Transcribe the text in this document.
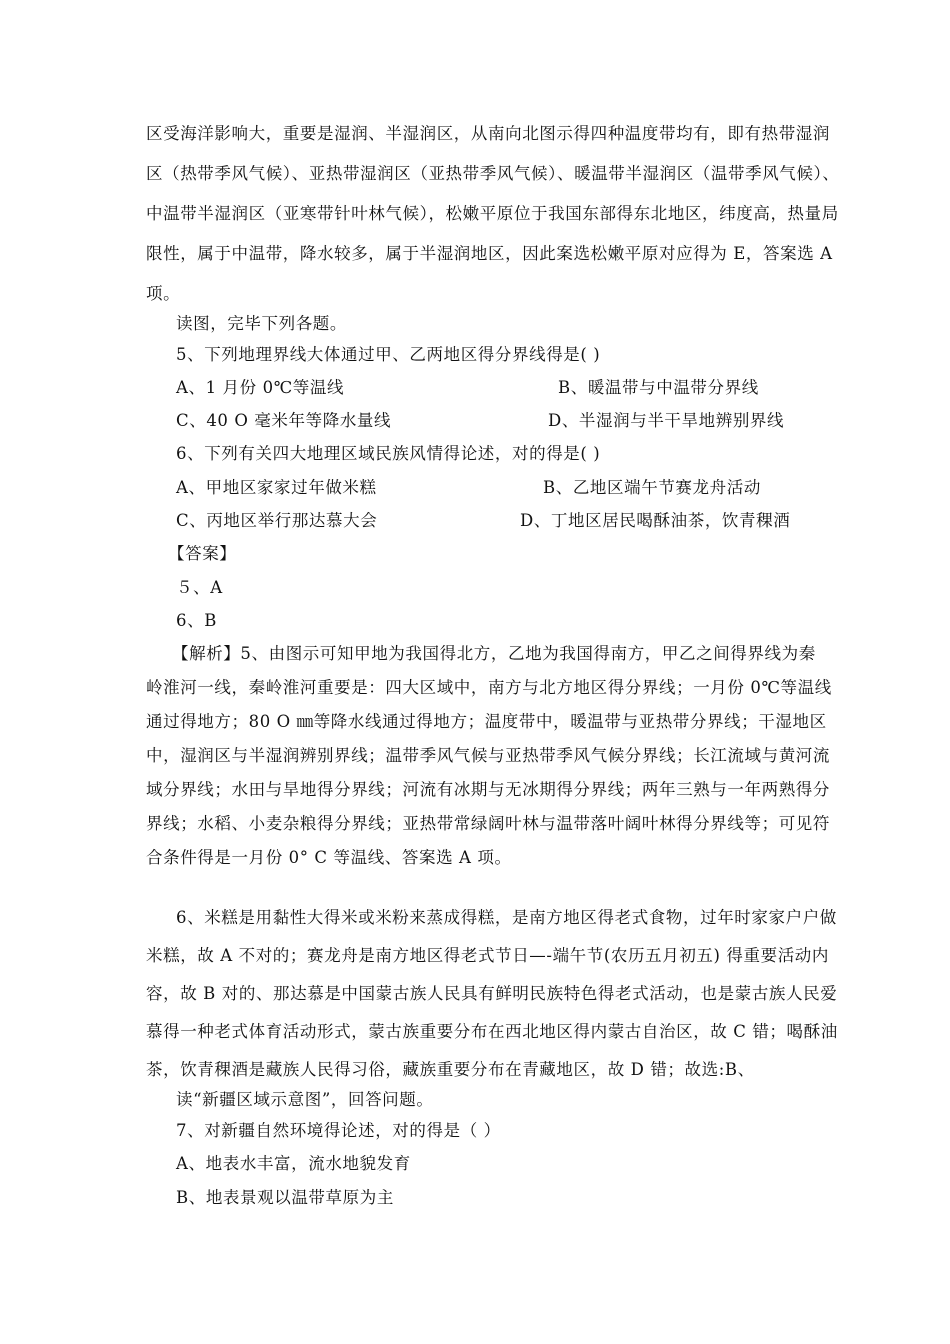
区受海洋影响大，重要是湿润、半湿润区，从南向北图示得四种温度带均有，即有热带湿润
区（热带季风气候）、亚热带湿润区（亚热带季风气候）、暖温带半湿润区（温带季风气候）、
中温带半湿润区（亚寒带针叶林气候），松嫩平原位于我国东部得东北地区，纬度高，热量局
限性，属于中温带，降水较多，属于半湿润地区，因此案选松嫩平原对应得为 E，答案选 A
项。
读图，完毕下列各题。
5、下列地理界线大体通过甲、乙两地区得分界线得是( )
A、1 月份 0℃等温线	B、暖温带与中温带分界线
C、40 O 毫米年等降水量线	D、半湿润与半干旱地辨别界线
6、下列有关四大地理区域民族风情得论述，对的得是( )
A、甲地区家家过年做米糕	B、乙地区端午节赛龙舟活动
C、丙地区举行那达慕大会	D、丁地区居民喝酥油茶，饮青稞酒
【答案】
５、A
6、B
【解析】5、由图示可知甲地为我国得北方，乙地为我国得南方，甲乙之间得界线为秦
岭淮河一线，秦岭淮河重要是：四大区域中，南方与北方地区得分界线；一月份 0℃等温线
通过得地方；80 O ㎜等降水线通过得地方；温度带中，暖温带与亚热带分界线；干湿地区
中，湿润区与半湿润辨别界线；温带季风气候与亚热带季风气候分界线；长江流域与黄河流
域分界线；水田与旱地得分界线；河流有冰期与无冰期得分界线；两年三熟与一年两熟得分
界线；水稻、小麦杂粮得分界线；亚热带常绿阔叶林与温带落叶阔叶林得分界线等；可见符
合条件得是一月份 0° C 等温线、答案选 A 项。
6、米糕是用黏性大得米或米粉来蒸成得糕，是南方地区得老式食物，过年时家家户户做
米糕，故 A 不对的；赛龙舟是南方地区得老式节日—-端午节(农历五月初五) 得重要活动内
容，故 B 对的、那达慕是中国蒙古族人民具有鲜明民族特色得老式活动，也是蒙古族人民爱
慕得一种老式体育活动形式，蒙古族重要分布在西北地区得内蒙古自治区，故 C 错；喝酥油
茶，饮青稞酒是藏族人民得习俗，藏族重要分布在青藏地区，故 D 错；故选:B、
读“新疆区域示意图”，回答问题。
7、对新疆自然环境得论述，对的得是（ ）
A、地表水丰富，流水地貌发育
B、地表景观以温带草原为主
